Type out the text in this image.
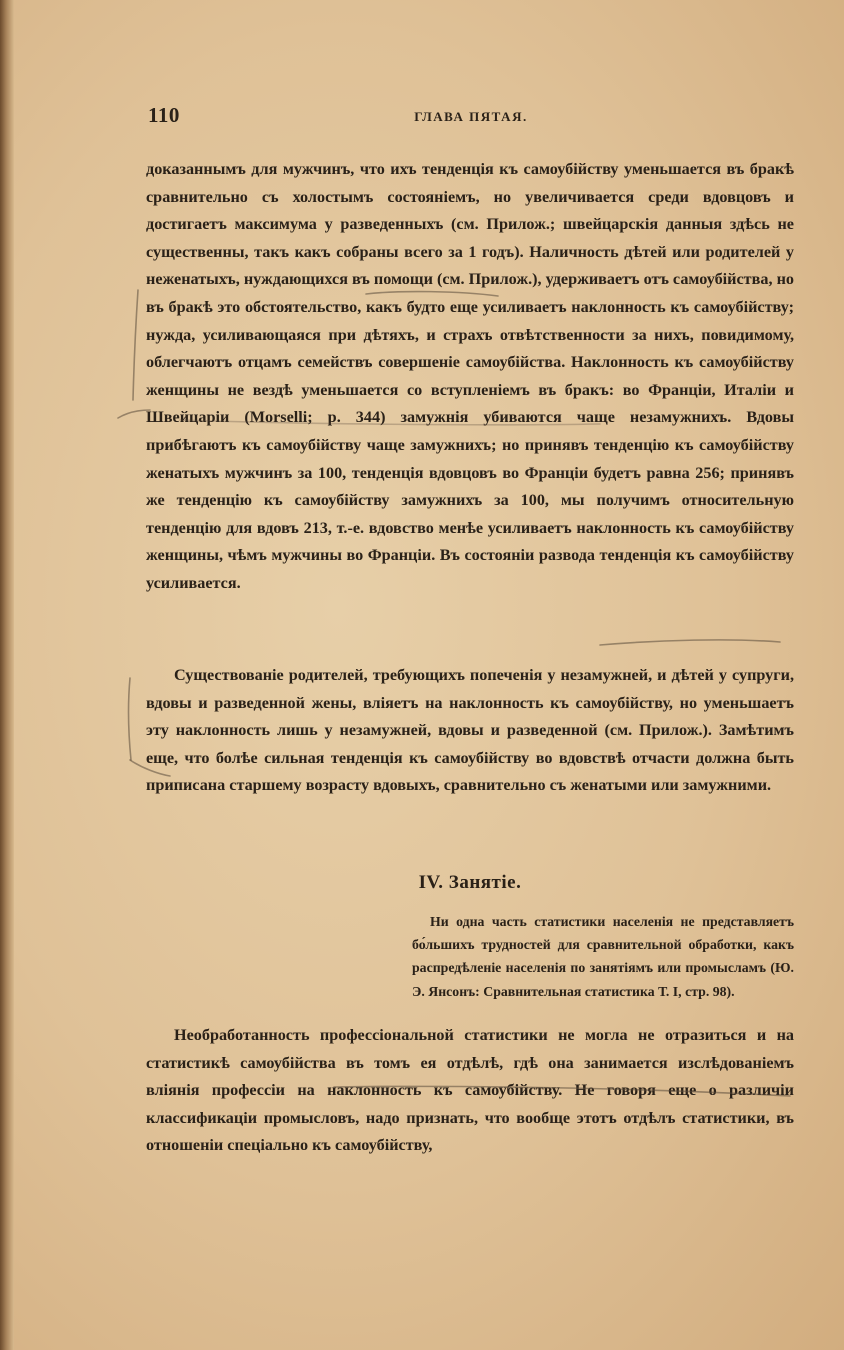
110	ГЛАВА ПЯТАЯ.

доказаннымъ для мужчинъ, что ихъ тенденція къ самоубійству уменьшается въ бракѣ сравнительно съ холостымъ состояніемъ, но увеличивается среди вдовцовъ и достигаетъ максимума у разведенныхъ (см. Прилож.; швейцарскія данныя здѣсь не существенны, такъ какъ собраны всего за 1 годъ). Наличность дѣтей или родителей у неженатыхъ, нуждающихся въ помощи (см. Прилож.), удерживаетъ отъ самоубійства, но въ бракѣ это обстоятельство, какъ будто еще усиливаетъ наклонность къ самоубійству; нужда, усиливающаяся при дѣтяхъ, и страхъ отвѣтственности за нихъ, повидимому, облегчаютъ отцамъ семействъ совершеніе самоубійства. Наклонность къ самоубійству женщины не вездѣ уменьшается со вступленіемъ въ бракъ: во Франціи, Италіи и Швейцаріи (Morselli; p. 344) замужнія убиваются чаще незамужнихъ. Вдовы прибѣгаютъ къ самоубійству чаще замужнихъ; но принявъ тенденцію къ самоубійству женатыхъ мужчинъ за 100, тенденція вдовцовъ во Франціи будетъ равна 256; принявъ же тенденцію къ самоубійству замужнихъ за 100, мы получимъ относительную тенденцію для вдовъ 213, т.-е. вдовство менѣе усиливаетъ наклонность къ самоубійству женщины, чѣмъ мужчины во Франціи. Въ состояніи развода тенденція къ самоубійству усиливается.

Существованіе родителей, требующихъ попеченія у незамужней, и дѣтей у супруги, вдовы и разведенной жены, вліяетъ на наклонность къ самоубійству, но уменьшаетъ эту наклонность лишь у незамужней, вдовы и разведенной (см. Прилож.). Замѣтимъ еще, что болѣе сильная тенденція къ самоубійству во вдовствѣ отчасти должна быть приписана старшему возрасту вдовыхъ, сравнительно съ женатыми или замужними.

IV. Занятіе.

Ни одна часть статистики населенія не представляетъ бо́льшихъ трудностей для сравнительной обработки, какъ распредѣленіе населенія по занятіямъ или промысламъ (Ю. Э. Янсонъ: Сравнительная статистика Т. I, стр. 98).

Необработанность профессіональной статистики не могла не отразиться и на статистикѣ самоубійства въ томъ ея отдѣлѣ, гдѣ она занимается изслѣдованіемъ вліянія профессіи на наклонность къ самоубійству. Не говоря еще о различіи классификаціи промысловъ, надо признать, что вообще этотъ отдѣлъ статистики, въ отношеніи спеціально къ самоубійству,
